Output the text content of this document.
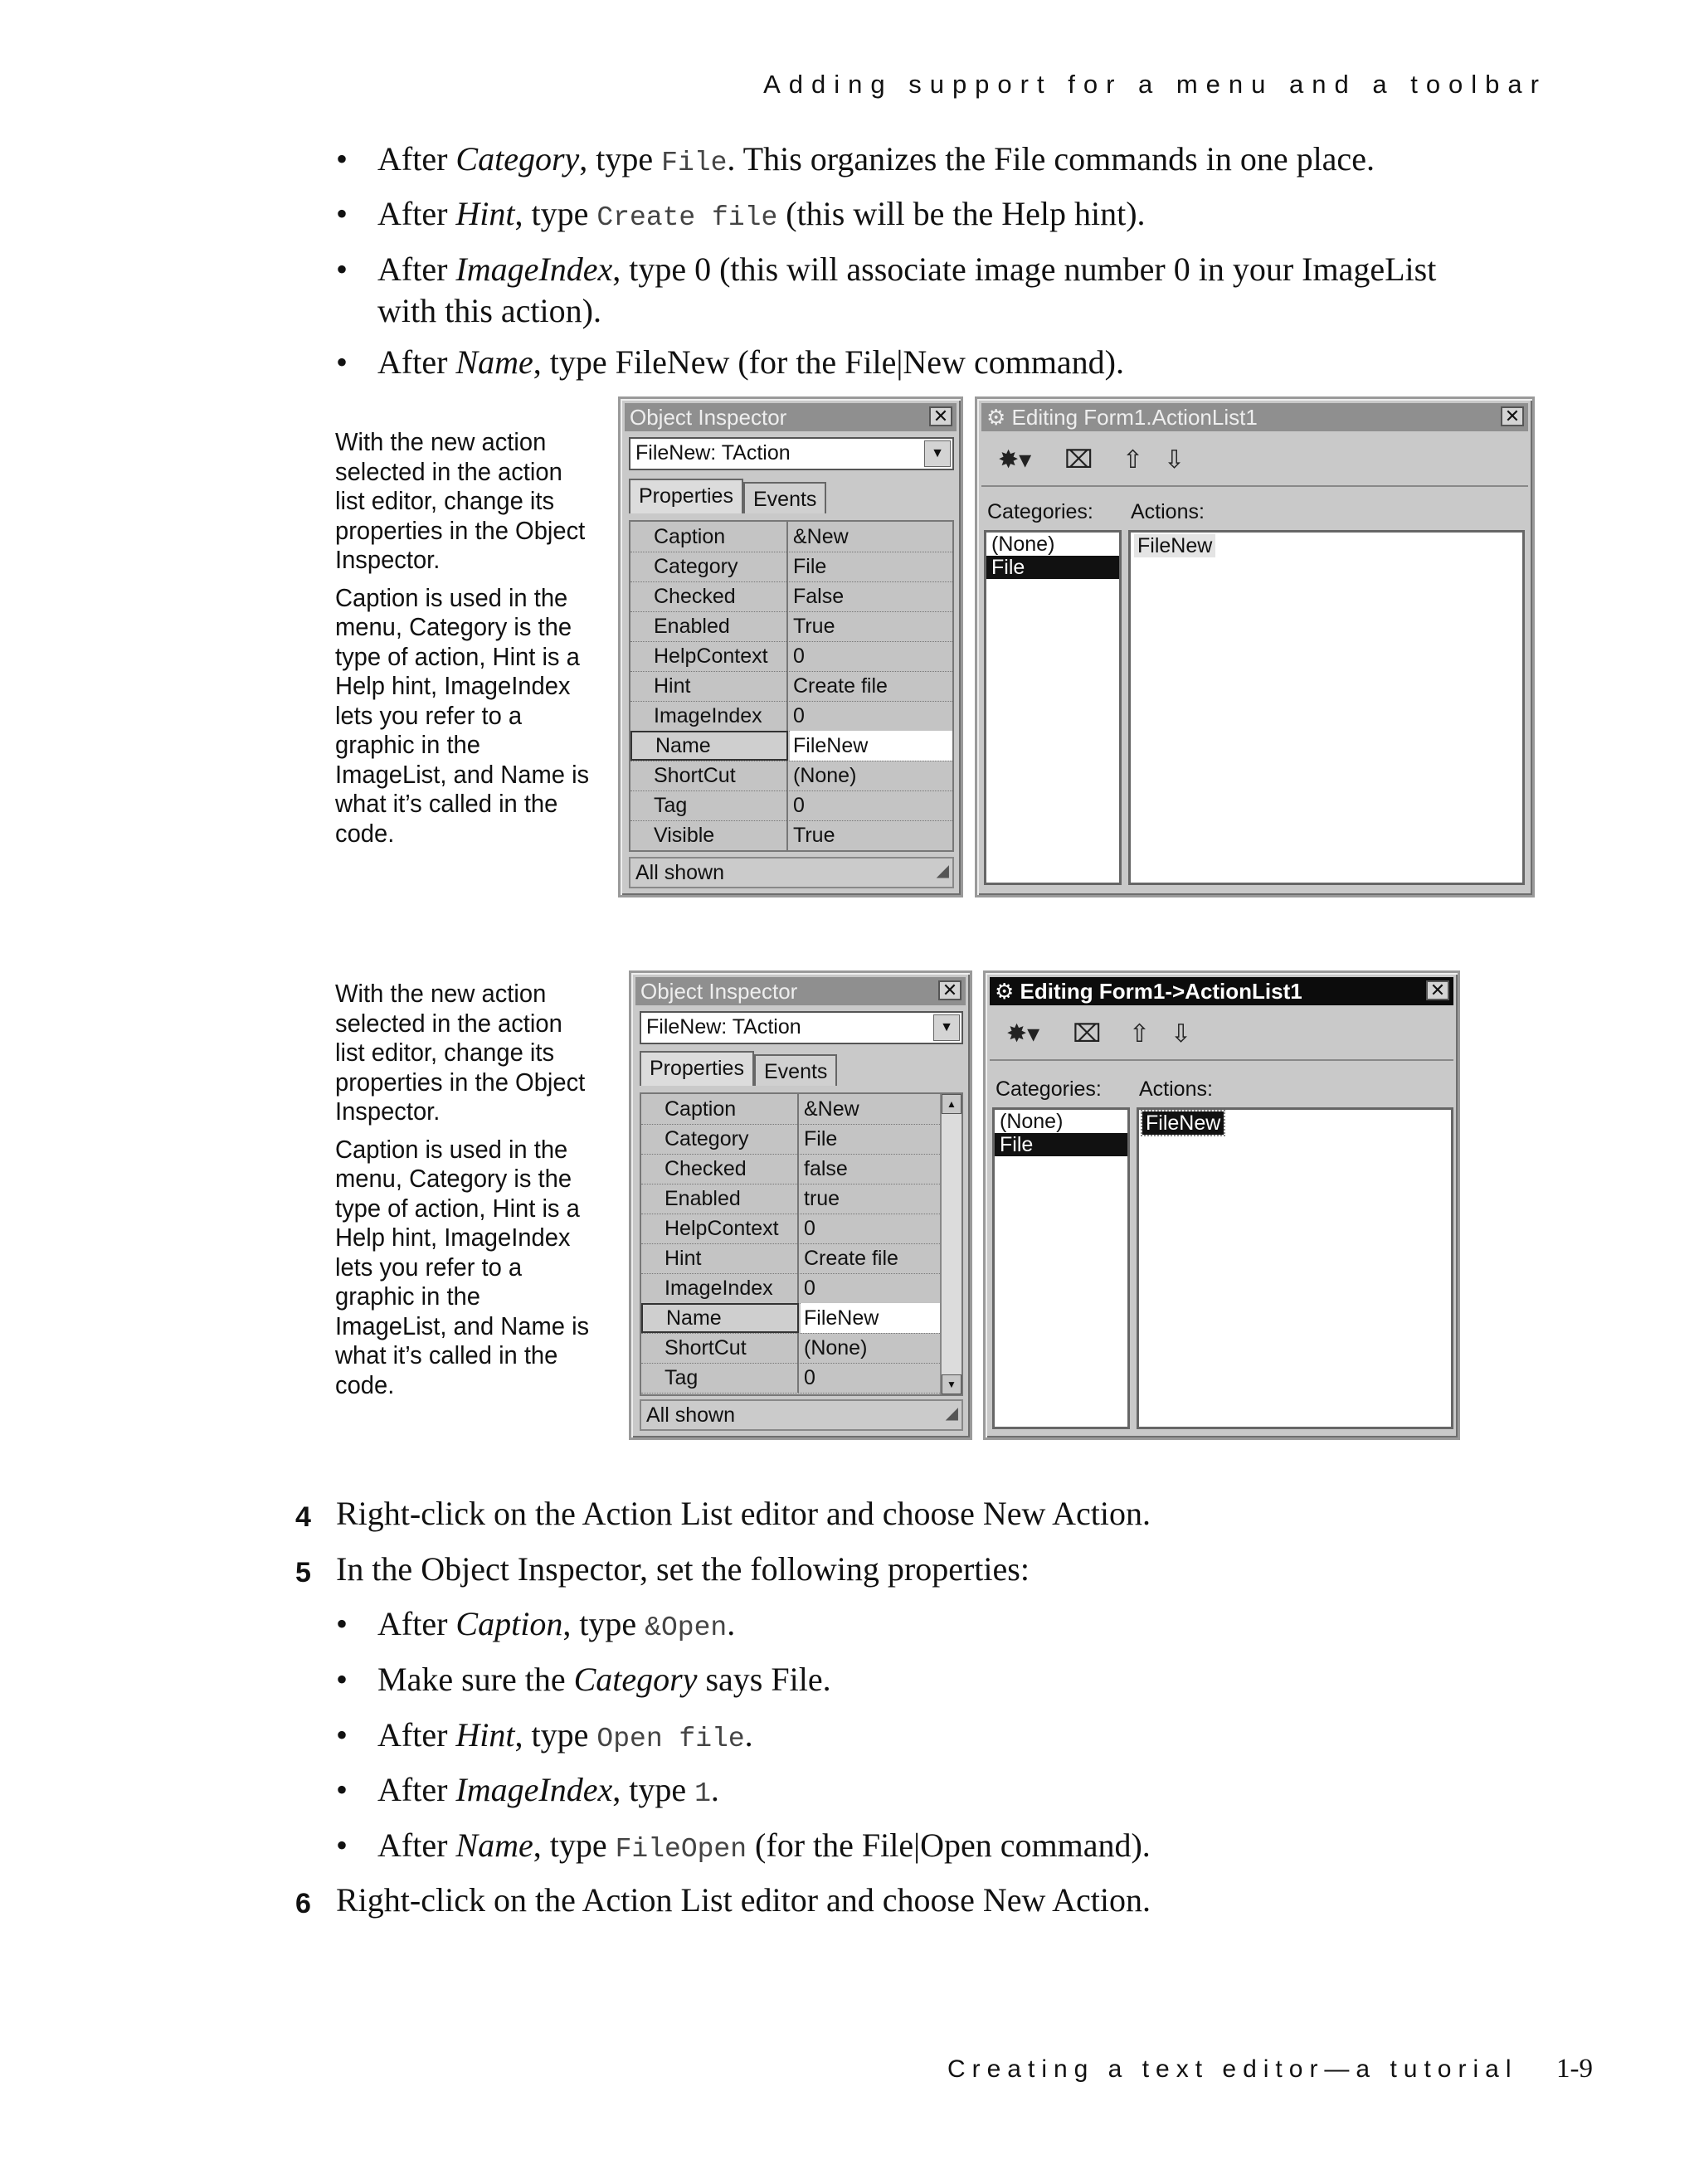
Adding support for a menu and a toolbar
• After Category, type File. This organizes the File commands in one place.
• After Hint, type Create file (this will be the Help hint).
• After ImageIndex, type 0 (this will associate image number 0 in your ImageList
with this action).
• After Name, type FileNew (for the File|New command).

With the new action selected in the action list editor, change its properties in the Object Inspector.

Caption is used in the menu, Category is the type of action, Hint is a Help hint, ImageIndex lets you refer to a graphic in the ImageList, and Name is what it’s called in the code.

Object Inspector	✕
FileNew: TAction	▼
Properties Events
Caption	&New
Category	File
Checked	False
Enabled	True
HelpContext	0
Hint	Create file
ImageIndex	0
Name	FileNew
ShortCut	(None)
Tag	0
Visible	True
All shown	◢
⚙ Editing Form1.ActionList1	✕
✸▾ ⌧ ⇧ ⇩
Categories: Actions:
(None)
File
FileNew

With the new action selected in the action list editor, change its properties in the Object Inspector.

Caption is used in the menu, Category is the type of action, Hint is a Help hint, ImageIndex lets you refer to a graphic in the ImageList, and Name is what it’s called in the code.

Object Inspector	✕
FileNew: TAction	▼
Properties Events
Caption	&New
Category	File
Checked	false
Enabled	true
HelpContext	0
Hint	Create file
ImageIndex	0
Name	FileNew
ShortCut	(None)
Tag	0
▲
▼
All shown	◢
⚙ Editing Form1->ActionList1	✕
✸▾ ⌧ ⇧ ⇩
Categories: Actions:
(None)
File
FileNew
4 Right-click on the Action List editor and choose New Action.
5 In the Object Inspector, set the following properties:
• After Caption, type &Open.
• Make sure the Category says File.
• After Hint, type Open file.
• After ImageIndex, type 1.
• After Name, type FileOpen (for the File|Open command).
6 Right-click on the Action List editor and choose New Action.
Creating a text editor—a tutorial 1-9
